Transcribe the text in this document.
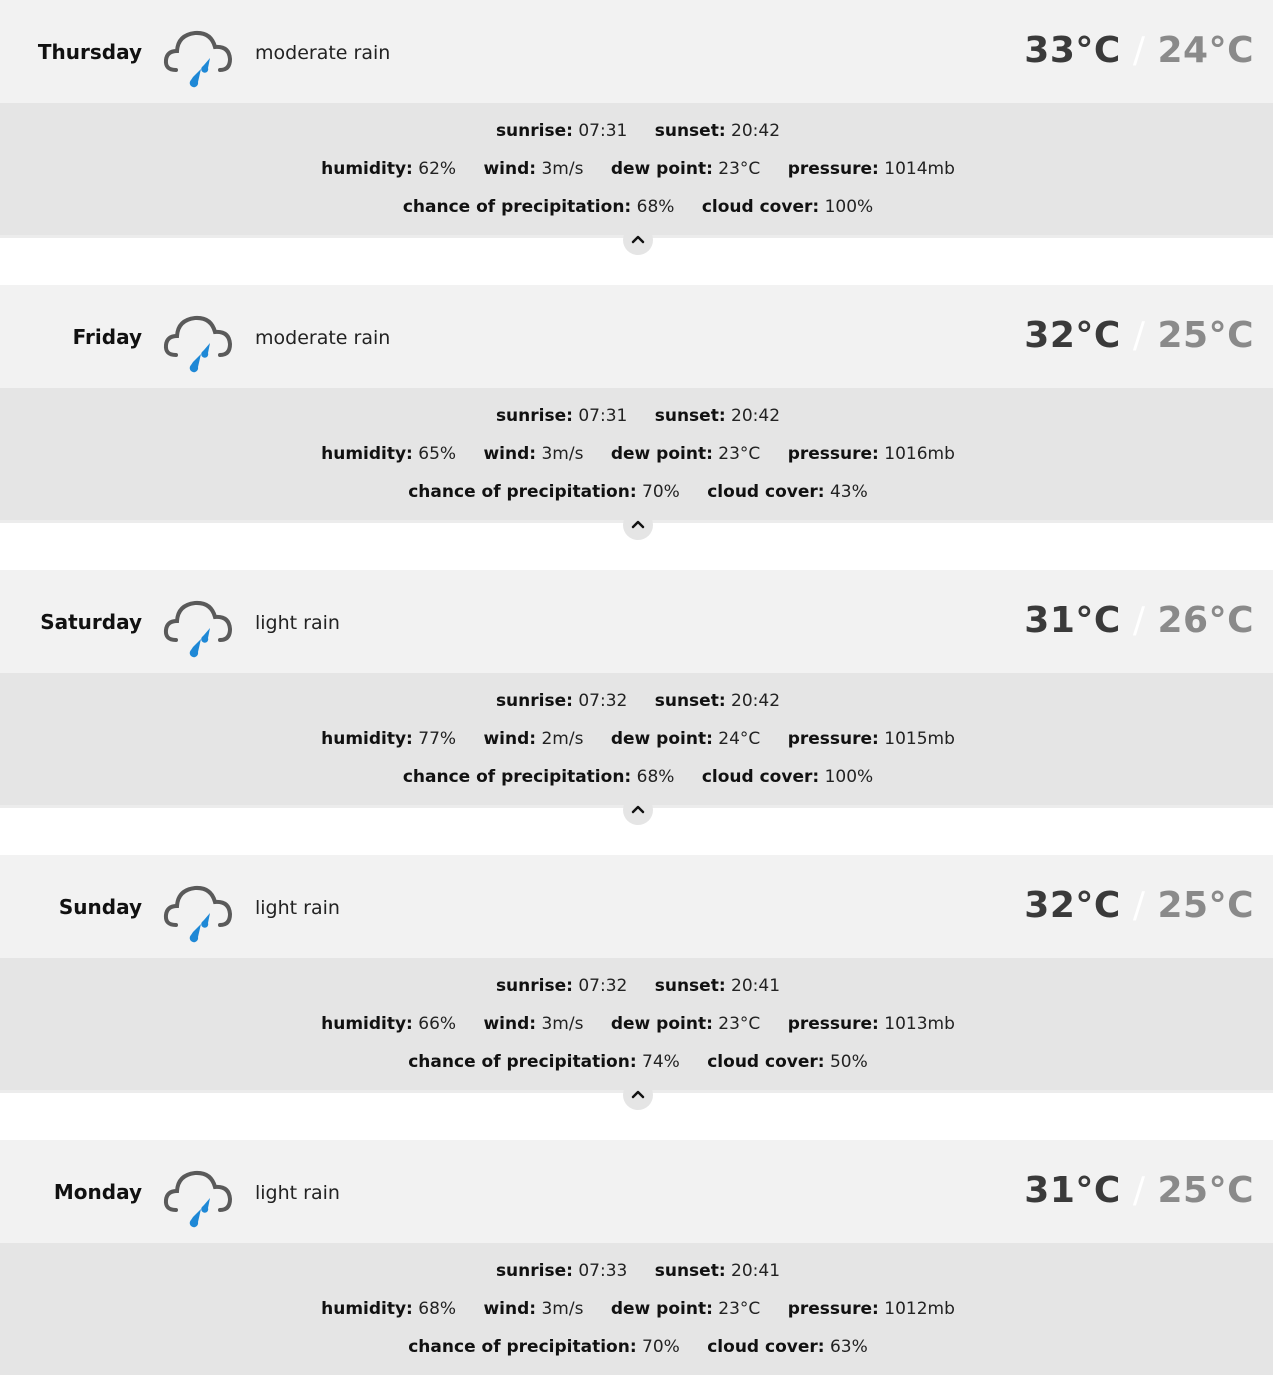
Thursday	moderate rain	33°C / 24°C
sunrise: 07:31 sunset: 20:42
humidity: 62% wind: 3m/s dew point: 23°C pressure: 1014mb
chance of precipitation: 68% cloud cover: 100%
Friday	moderate rain	32°C / 25°C
sunrise: 07:31 sunset: 20:42
humidity: 65% wind: 3m/s dew point: 23°C pressure: 1016mb
chance of precipitation: 70% cloud cover: 43%
Saturday	light rain	31°C / 26°C
sunrise: 07:32 sunset: 20:42
humidity: 77% wind: 2m/s dew point: 24°C pressure: 1015mb
chance of precipitation: 68% cloud cover: 100%
Sunday	light rain	32°C / 25°C
sunrise: 07:32 sunset: 20:41
humidity: 66% wind: 3m/s dew point: 23°C pressure: 1013mb
chance of precipitation: 74% cloud cover: 50%
Monday	light rain	31°C / 25°C
sunrise: 07:33 sunset: 20:41
humidity: 68% wind: 3m/s dew point: 23°C pressure: 1012mb
chance of precipitation: 70% cloud cover: 63%
